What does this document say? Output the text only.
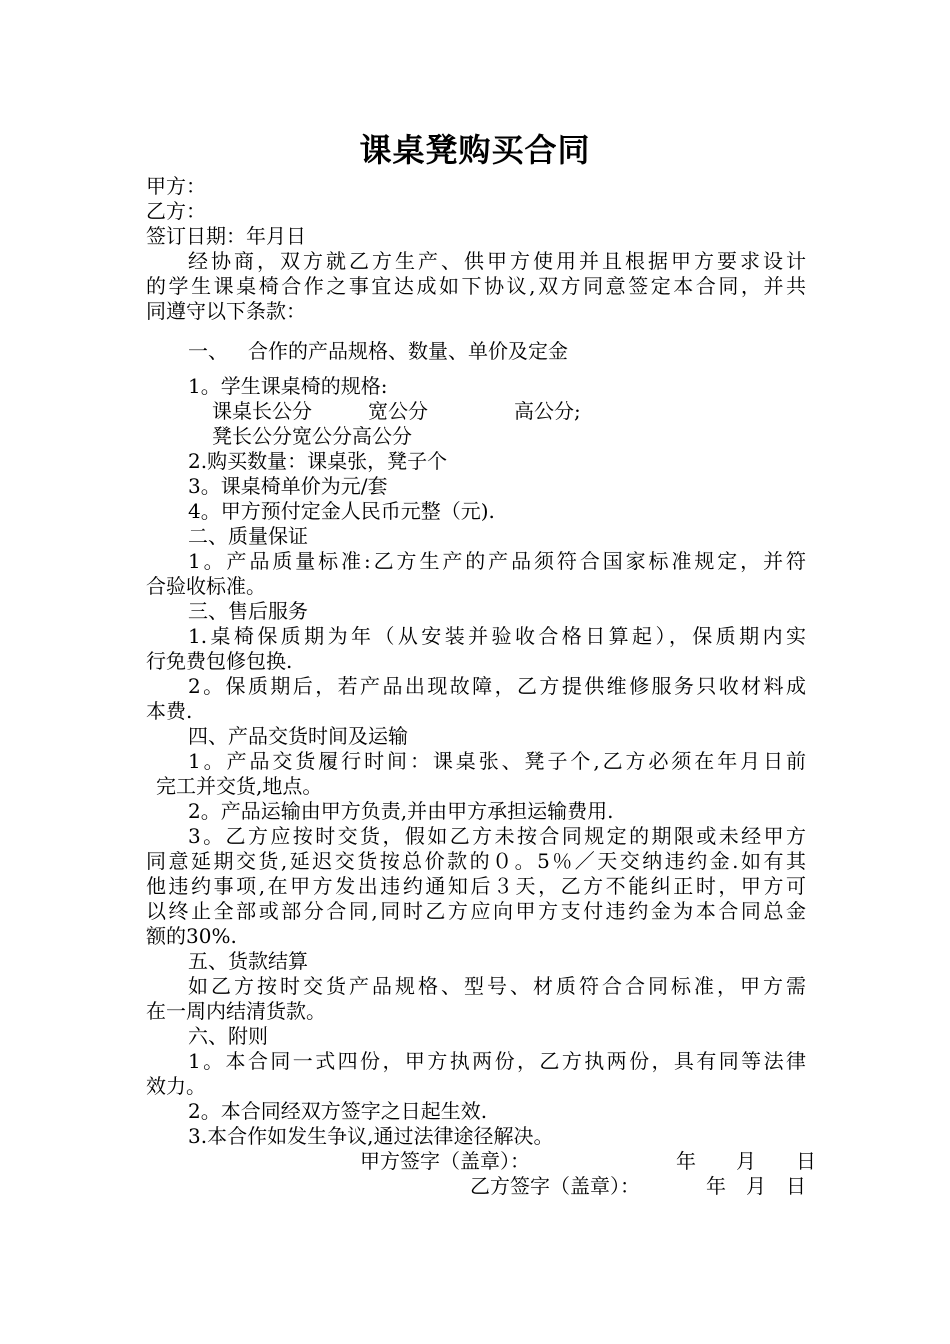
课桌凳购买合同
甲方：
乙方：
签订日期：年月日
经协商，双方就乙方生产、供甲方使用并且根据甲方要求设计
的学生课桌椅合作之事宜达成如下协议,双方同意签定本合同，并共
同遵守以下条款：
一、 合作的产品规格、数量、单价及定金
1。学生课桌椅的规格:
课桌长公分	宽公分	高公分;
凳长公分宽公分高公分
2.购买数量：课桌张，凳子个
3。课桌椅单价为元/套
4。甲方预付定金人民币元整（元).
二、质量保证
1。产品质量标准:乙方生产的产品须符合国家标准规定，并符
合验收标准。
三、售后服务
1.桌椅保质期为年（从安装并验收合格日算起），保质期内实
行免费包修包换.
2。保质期后，若产品出现故障，乙方提供维修服务只收材料成
本费.
四、产品交货时间及运输
1。产品交货履行时间：课桌张、凳子个,乙方必须在年月日前
完工并交货,地点。
2。产品运输由甲方负责,并由甲方承担运输费用.
3。乙方应按时交货，假如乙方未按合同规定的期限或未经甲方
同意延期交货,延迟交货按总价款的０。5％／天交纳违约金.如有其
他违约事项,在甲方发出违约通知后３天，乙方不能纠正时，甲方可
以终止全部或部分合同,同时乙方应向甲方支付违约金为本合同总金
额的30%.
五、货款结算
如乙方按时交货产品规格、型号、材质符合合同标准，甲方需
在一周内结清货款。
六、附则
1。本合同一式四份，甲方执两份，乙方执两份，具有同等法律
效力。
2。本合同经双方签字之日起生效.
3.本合作如发生争议,通过法律途径解决。
甲方签字（盖章）：	年　　月　　日
乙方签字（盖章）：	年　月　日
